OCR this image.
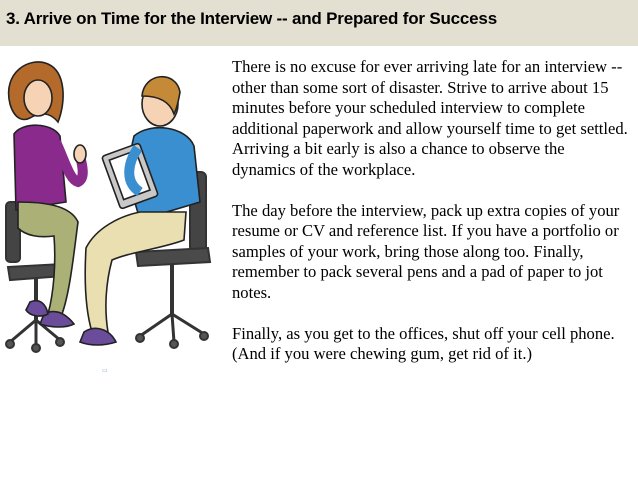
3. Arrive on Time for the Interview -- and Prepared for Success
▭

There is no excuse for ever arriving late for an interview -- other than some sort of disaster. Strive to arrive about 15 minutes before your scheduled interview to complete additional paperwork and allow yourself time to get settled. Arriving a bit early is also a chance to observe the dynamics of the workplace.

The day before the interview, pack up extra copies of your resume or CV and reference list. If you have a portfolio or samples of your work, bring those along too. Finally, remember to pack several pens and a pad of paper to jot notes.

Finally, as you get to the offices, shut off your cell phone. (And if you were chewing gum, get rid of it.)
